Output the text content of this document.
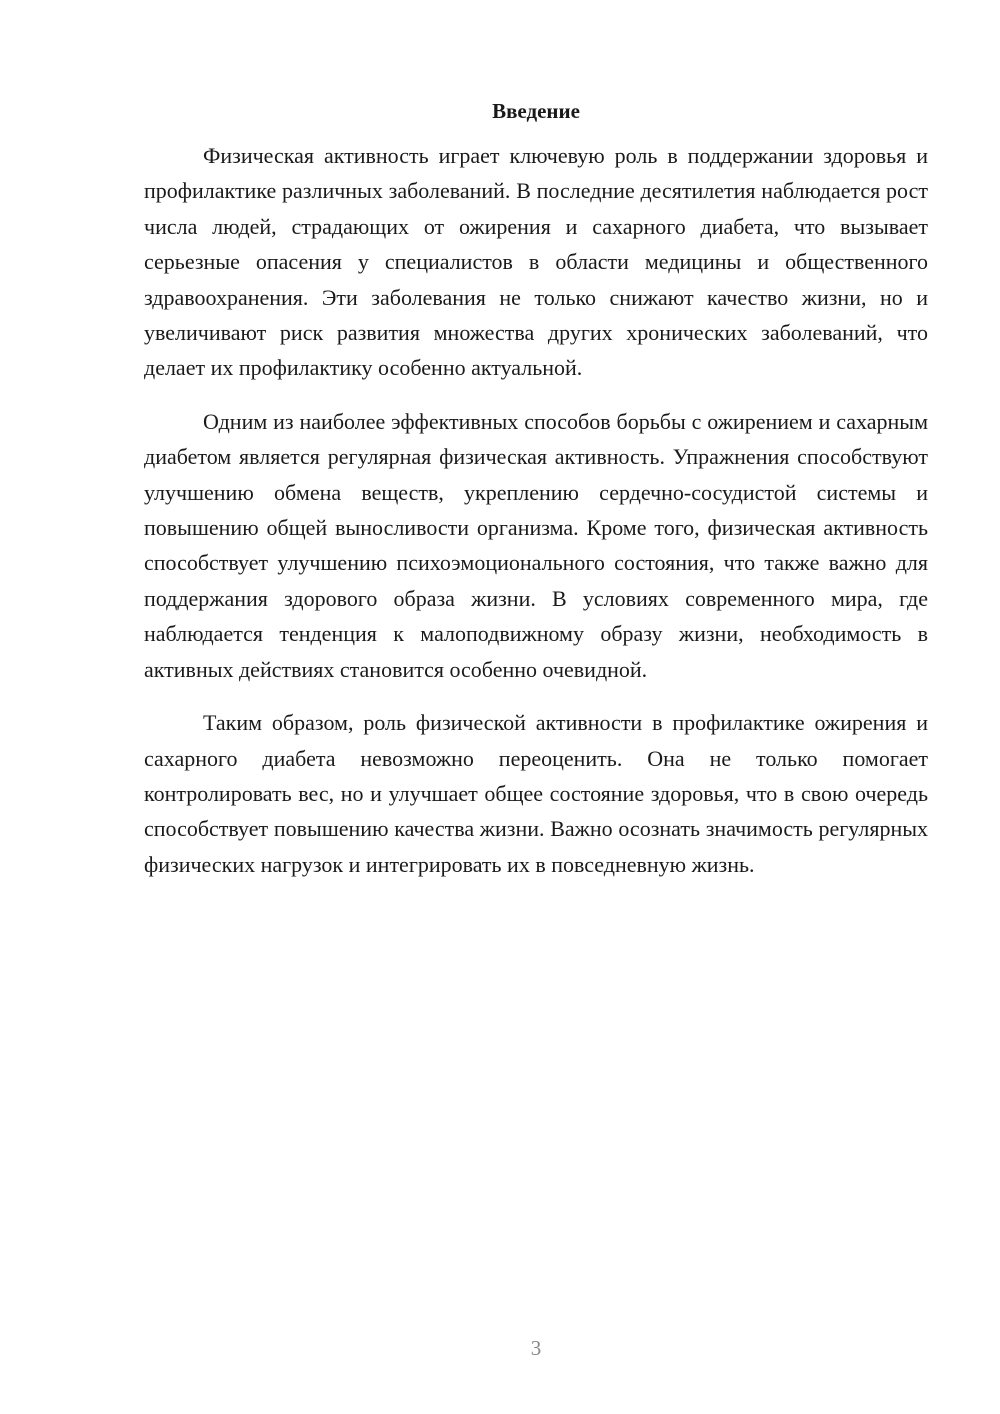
Введение

Физическая активность играет ключевую роль в поддержании здоровья и профилактике различных заболеваний. В последние десятилетия наблюдается рост числа людей, страдающих от ожирения и сахарного диабета, что вызывает серьезные опасения у специалистов в области медицины и общественного здравоохранения. Эти заболевания не только снижают качество жизни, но и увеличивают риск развития множества других хронических заболеваний, что делает их профилактику особенно актуальной.

Одним из наиболее эффективных способов борьбы с ожирением и сахарным диабетом является регулярная физическая активность. Упражнения способствуют улучшению обмена веществ, укреплению сердечно-сосудистой системы и повышению общей выносливости организма. Кроме того, физическая активность способствует улучшению психоэмоционального состояния, что также важно для поддержания здорового образа жизни. В условиях современного мира, где наблюдается тенденция к малоподвижному образу жизни, необходимость в активных действиях становится особенно очевидной.

Таким образом, роль физической активности в профилактике ожирения и сахарного диабета невозможно переоценить. Она не только помогает контролировать вес, но и улучшает общее состояние здоровья, что в свою очередь способствует повышению качества жизни. Важно осознать значимость регулярных физических нагрузок и интегрировать их в повседневную жизнь.

3
